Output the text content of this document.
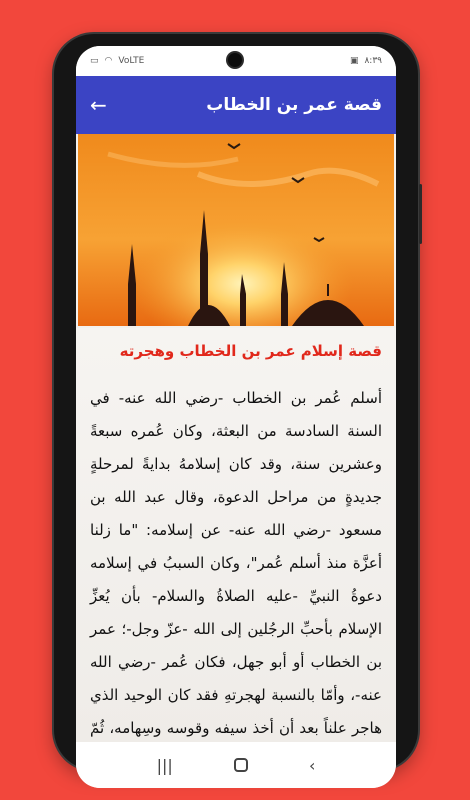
▭ ◠ VoLTE	▣ ٨:٣٩
←	قصة عمر بن الخطاب
قصة إسلام عمر بن الخطاب وهجرته
أسلم عُمر بن الخطاب -رضي الله عنه- في السنة السادسة من البعثة، وكان عُمره سبعةً وعشرين سنة، وقد كان إسلامهُ بدايةً لمرحلةٍ جديدةٍ من مراحل الدعوة، وقال عبد الله بن مسعود -رضي الله عنه- عن إسلامه: "ما زلنا أعزَّة منذ أسلم عُمر"، وكان السببُ في إسلامه دعوةُ النبيِّ -عليه الصلاةُ والسلام- بأن يُعزِّ الإسلام بأحبِّ الرجُلين إلى الله -عزّ وجل-؛ عمر بن الخطاب أو أبو جهل، فكان عُمر -رضي الله عنه-، وأمّا بالنسبة لهجرتهِ فقد كان الوحيد الذي هاجر علناً بعد أن أخذ سيفه وقوسه وسِهامه، ثُمّ
|||	‹
